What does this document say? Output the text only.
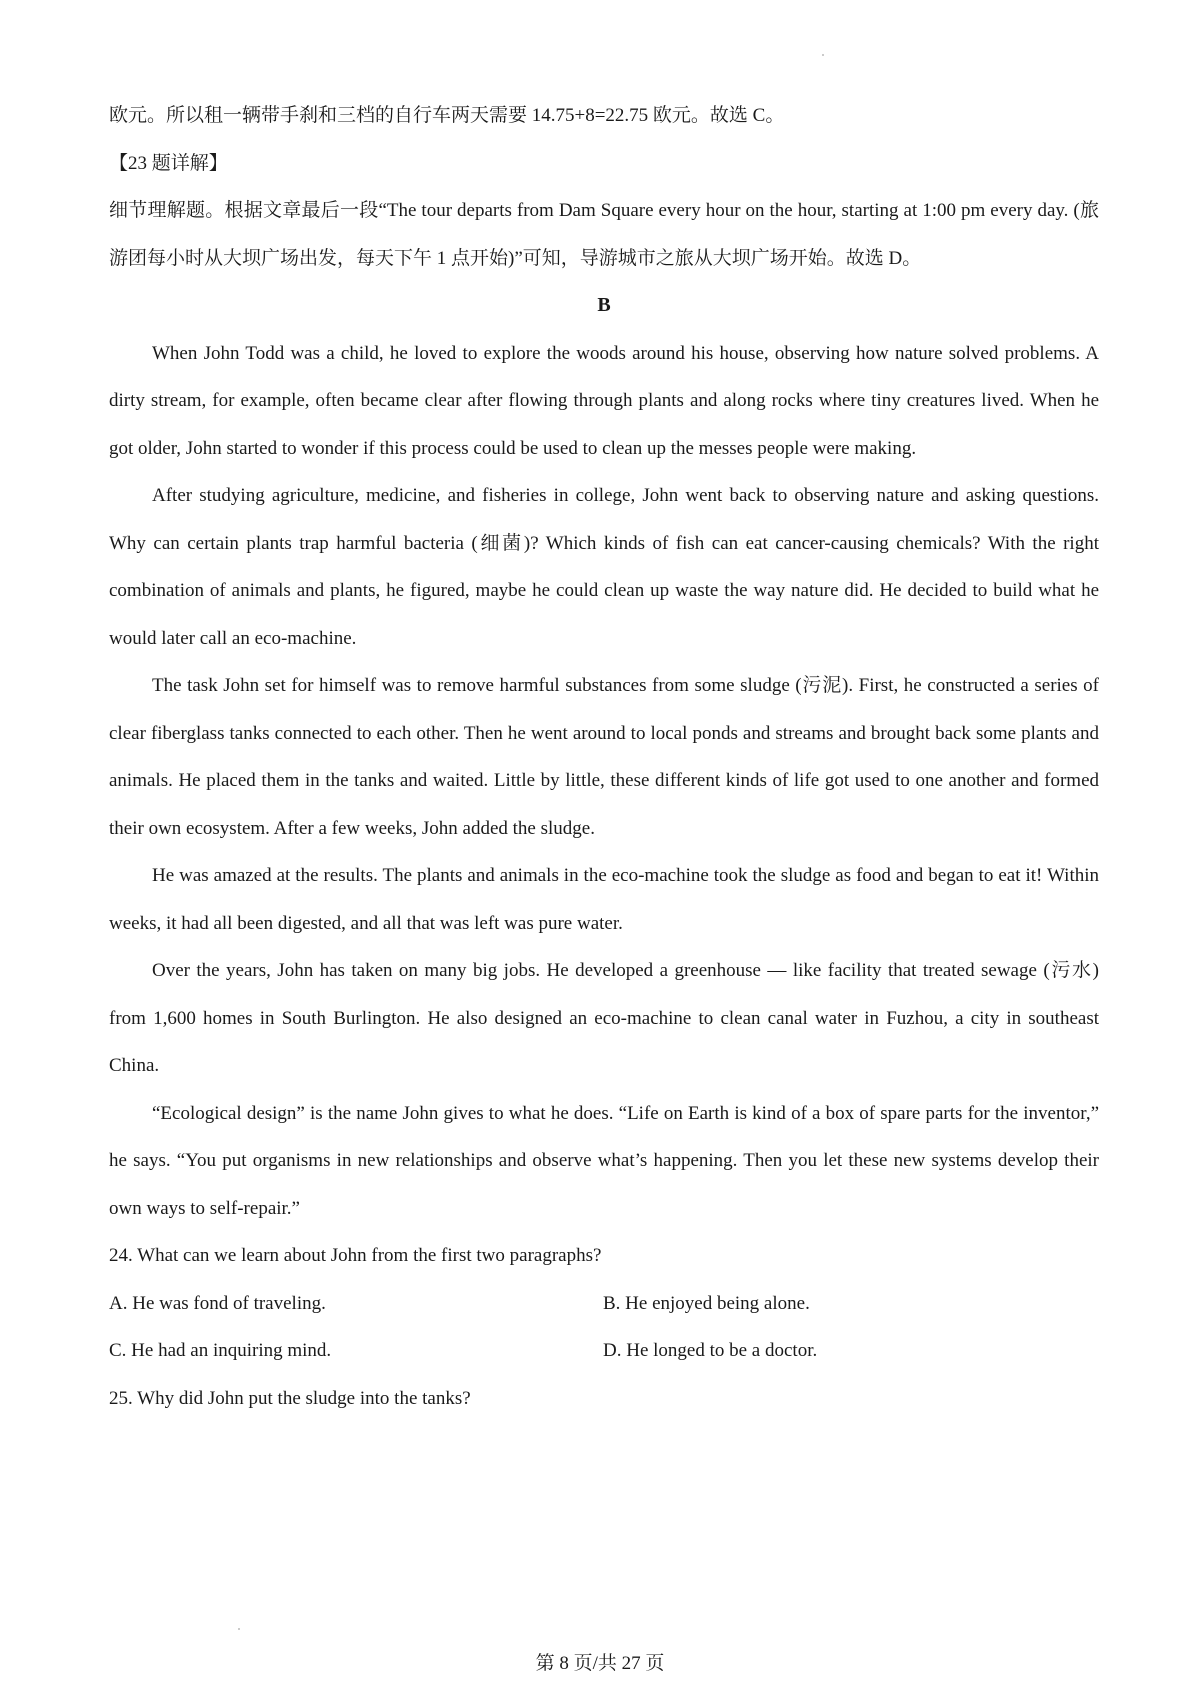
欧元。所以租一辆带手刹和三档的自行车两天需要 14.75+8=22.75 欧元。故选 C。

【23 题详解】

细节理解题。根据文章最后一段“The tour departs from Dam Square every hour on the hour, starting at 1:00 pm every day. (旅游团每小时从大坝广场出发，每天下午 1 点开始)”可知，导游城市之旅从大坝广场开始。故选 D。

B

When John Todd was a child, he loved to explore the woods around his house, observing how nature solved problems. A dirty stream, for example, often became clear after flowing through plants and along rocks where tiny creatures lived. When he got older, John started to wonder if this process could be used to clean up the messes people were making.

After studying agriculture, medicine, and fisheries in college, John went back to observing nature and asking questions. Why can certain plants trap harmful bacteria (细菌)? Which kinds of fish can eat cancer-causing chemicals? With the right combination of animals and plants, he figured, maybe he could clean up waste the way nature did. He decided to build what he would later call an eco-machine.

The task John set for himself was to remove harmful substances from some sludge (污泥). First, he constructed a series of clear fiberglass tanks connected to each other. Then he went around to local ponds and streams and brought back some plants and animals. He placed them in the tanks and waited. Little by little, these different kinds of life got used to one another and formed their own ecosystem. After a few weeks, John added the sludge.

He was amazed at the results. The plants and animals in the eco-machine took the sludge as food and began to eat it! Within weeks, it had all been digested, and all that was left was pure water.

Over the years, John has taken on many big jobs. He developed a greenhouse — like facility that treated sewage (污水) from 1,600 homes in South Burlington. He also designed an eco-machine to clean canal water in Fuzhou, a city in southeast China.

“Ecological design” is the name John gives to what he does. “Life on Earth is kind of a box of spare parts for the inventor,” he says. “You put organisms in new relationships and observe what’s happening. Then you let these new systems develop their own ways to self-repair.”

24. What can we learn about John from the first two paragraphs?

A. He was fond of traveling.	B. He enjoyed being alone.
C. He had an inquiring mind.	D. He longed to be a doctor.

25. Why did John put the sludge into the tanks?

第 8 页/共 27 页
